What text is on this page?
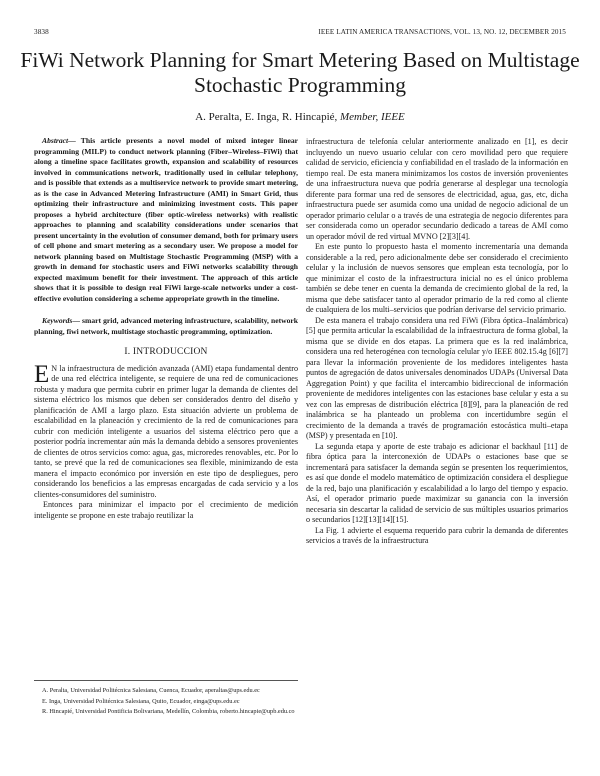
3838	IEEE LATIN AMERICA TRANSACTIONS, VOL. 13, NO. 12, DECEMBER 2015
FiWi Network Planning for Smart Metering Based on Multistage Stochastic Programming
A. Peralta, E. Inga, R. Hincapié, Member, IEEE

Abstract— This article presents a novel model of mixed integer linear programming (MILP) to conduct network planning (Fiber–Wireless–FiWi) that along a timeline space facilitates growth, expansion and scalability of resources involved in communications network, traditionally used in cellular telephony, and is possible that extends as a multiservice network to provide smart metering, as is the case in Advanced Metering Infrastructure (AMI) in Smart Grid, thus optimizing their infrastructure and minimizing investment costs. This paper proposes a hybrid architecture (fiber optic-wireless networks) with realistic approaches to planning and scalability considerations under scenarios that present uncertainty in the evolution of consumer demand, both for primary users of cell phone and smart metering as a secondary user. We propose a model for network planning based on Multistage Stochastic Programming (MSP) with a growth in demand for stochastic users and FiWi networks scalability through expected maximum benefit for their investment. The approach of this article shows that it is possible to design real FiWi large-scale networks under a cost-effective evolution considering a scheme appropriate growth in the timeline.

Keywords— smart grid, advanced metering infrastructure, scalability, network planning, fiwi network, multistage stochastic programming, optimization.

I. INTRODUCCION

E N la infraestructura de medición avanzada (AMI) etapa fundamental dentro de una red eléctrica inteligente, se requiere de una red de comunicaciones robusta y madura que permita cubrir en primer lugar la demanda de clientes del sistema eléctrico los mismos que deben ser considerados dentro del diseño y planificación de AMI a largo plazo. Esta situación advierte un problema de escalabilidad en la planeación y crecimiento de la red de comunicaciones para cubrir con medición inteligente a usuarios del sistema eléctrico pero que a posterior podría incrementar aún más la demanda debido a sensores provenientes de clientes de otros servicios como: agua, gas, microredes renovables, etc. Por lo tanto, se prevé que la red de comunicaciones sea flexible, minimizando de esta manera el impacto económico por inversión en este tipo de despliegues, pero considerando los beneficios a las empresas encargadas de cada servicio y a los clientes-consumidores del suministro.

Entonces para minimizar el impacto por el crecimiento de medición inteligente se propone en este trabajo reutilizar la

A. Peralta, Universidad Politécnica Salesiana, Cuenca, Ecuador, aperaltas@ups.edu.ec

E. Inga, Universidad Politécnica Salesiana, Quito, Ecuador, einga@ups.edu.ec

R. Hincapié, Universidad Pontificia Bolivariana, Medellín, Colombia, roberto.hincapie@upb.edu.co

infraestructura de telefonía celular anteriormente analizado en [1], es decir incluyendo un nuevo usuario celular con cero movilidad pero que requiere calidad de servicio, eficiencia y confiabilidad en el traslado de la información en tiempo real. De esta manera minimizamos los costos de inversión provenientes de una infraestructura nueva que podría generarse al desplegar una tecnología diferente para formar una red de sensores de electricidad, agua, gas, etc, dicha infraestructura puede ser asumida como una unidad de negocio adicional de un operador primario celular o a través de una estrategia de negocio diferentes para ser considerada como un operador secundario dedicado a tareas de AMI como un operador móvil de red virtual MVNO [2][3][4].

En este punto lo propuesto hasta el momento incrementaría una demanda considerable a la red, pero adicionalmente debe ser considerado el crecimiento celular y la inclusión de nuevos sensores que emplean esta tecnología, por lo que minimizar el costo de la infraestructura inicial no es el único problema también se debe tener en cuenta la demanda de crecimiento global de la red, la misma que debe satisfacer tanto al operador primario de la red como al cliente de cualquiera de los multi–servicios que podrían derivarse del servicio primario.

De esta manera el trabajo considera una red FiWi (Fibra óptica–Inalámbrica) [5] que permita articular la escalabilidad de la infraestructura de forma global, la misma que se divide en dos etapas. La primera que es la red inalámbrica, considera una red heterogénea con tecnología celular y/o IEEE 802.15.4g [6][7] para llevar la información proveniente de los medidores inteligentes hasta puntos de agregación de datos universales denominados UDAPs (Universal Data Aggregation Point) y que facilita el intercambio bidireccional de información proveniente de medidores inteligentes con las estaciones base celular y esta a su vez con las empresas de distribución eléctrica [8][9], para la planeación de red inalámbrica se ha planteado un problema con incertidumbre según el crecimiento de la demanda a través de programación estocástica multi–etapa (MSP) y presentada en [10].

La segunda etapa y aporte de este trabajo es adicionar el backhaul [11] de fibra óptica para la interconexión de UDAPs o estaciones base que se incrementará para satisfacer la demanda según se presenten los requerimientos, es así que donde el modelo matemático de optimización considera el despliegue de la red, bajo una planificación y escalabilidad a lo largo del tiempo y espacio. Así, el operador primario puede maximizar su ganancia con la inversión necesaria sin descartar la calidad de servicio de sus múltiples usuarios primarios o secundarios [12][13][14][15].

La Fig. 1 advierte el esquema requerido para cubrir la demanda de diferentes servicios a través de la infraestructura
